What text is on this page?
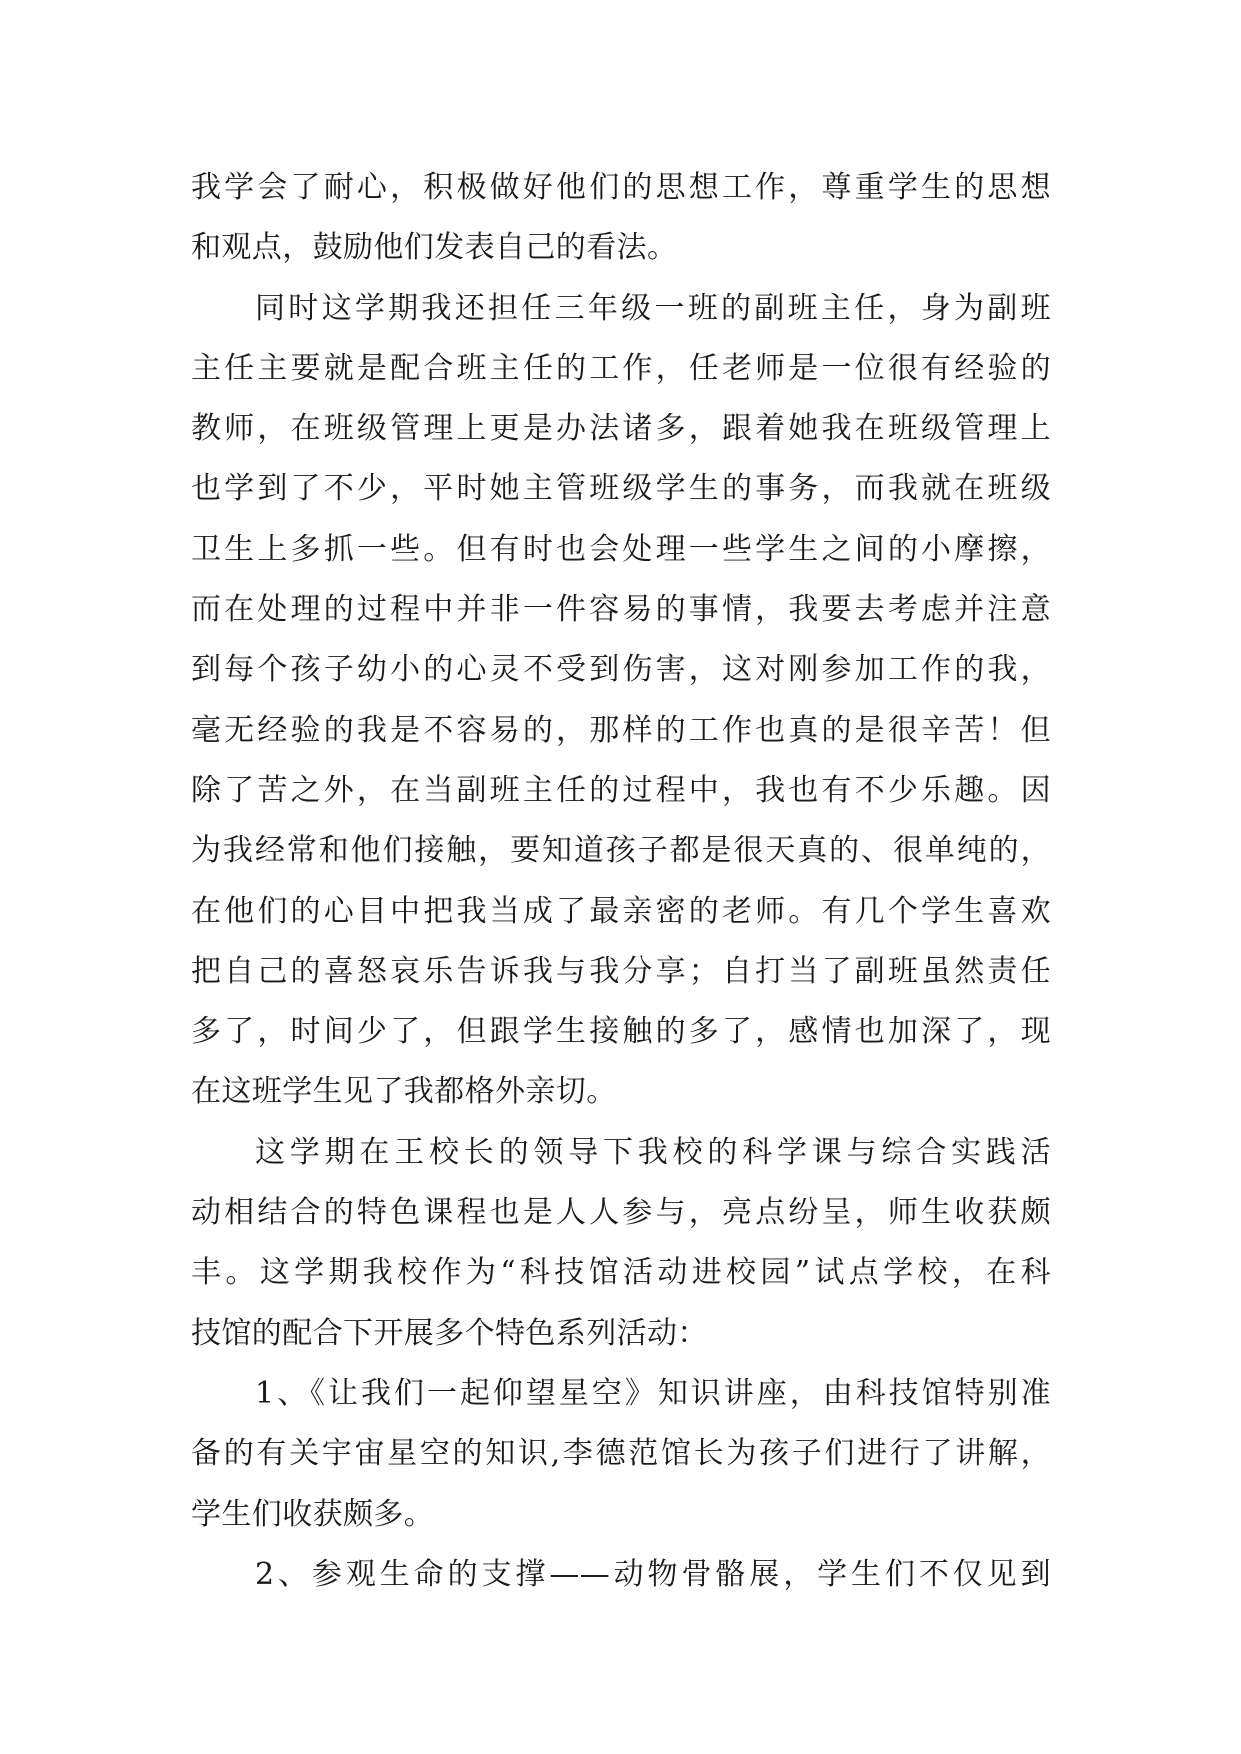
我学会了耐心，积极做好他们的思想工作，尊重学生的思想
和观点，鼓励他们发表自己的看法。
同时这学期我还担任三年级一班的副班主任，身为副班
主任主要就是配合班主任的工作，任老师是一位很有经验的
教师，在班级管理上更是办法诸多，跟着她我在班级管理上
也学到了不少，平时她主管班级学生的事务，而我就在班级
卫生上多抓一些。但有时也会处理一些学生之间的小摩擦，
而在处理的过程中并非一件容易的事情，我要去考虑并注意
到每个孩子幼小的心灵不受到伤害，这对刚参加工作的我，
毫无经验的我是不容易的，那样的工作也真的是很辛苦！但
除了苦之外，在当副班主任的过程中，我也有不少乐趣。因
为我经常和他们接触，要知道孩子都是很天真的、很单纯的，
在他们的心目中把我当成了最亲密的老师。有几个学生喜欢
把自己的喜怒哀乐告诉我与我分享；自打当了副班虽然责任
多了，时间少了，但跟学生接触的多了，感情也加深了，现
在这班学生见了我都格外亲切。
这学期在王校长的领导下我校的科学课与综合实践活
动相结合的特色课程也是人人参与，亮点纷呈，师生收获颇
丰。这学期我校作为“科技馆活动进校园”试点学校，在科
技馆的配合下开展多个特色系列活动：
1、《让我们一起仰望星空》知识讲座，由科技馆特别准
备的有关宇宙星空的知识,李德范馆长为孩子们进行了讲解，
学生们收获颇多。
2、参观生命的支撑——动物骨骼展，学生们不仅见到
